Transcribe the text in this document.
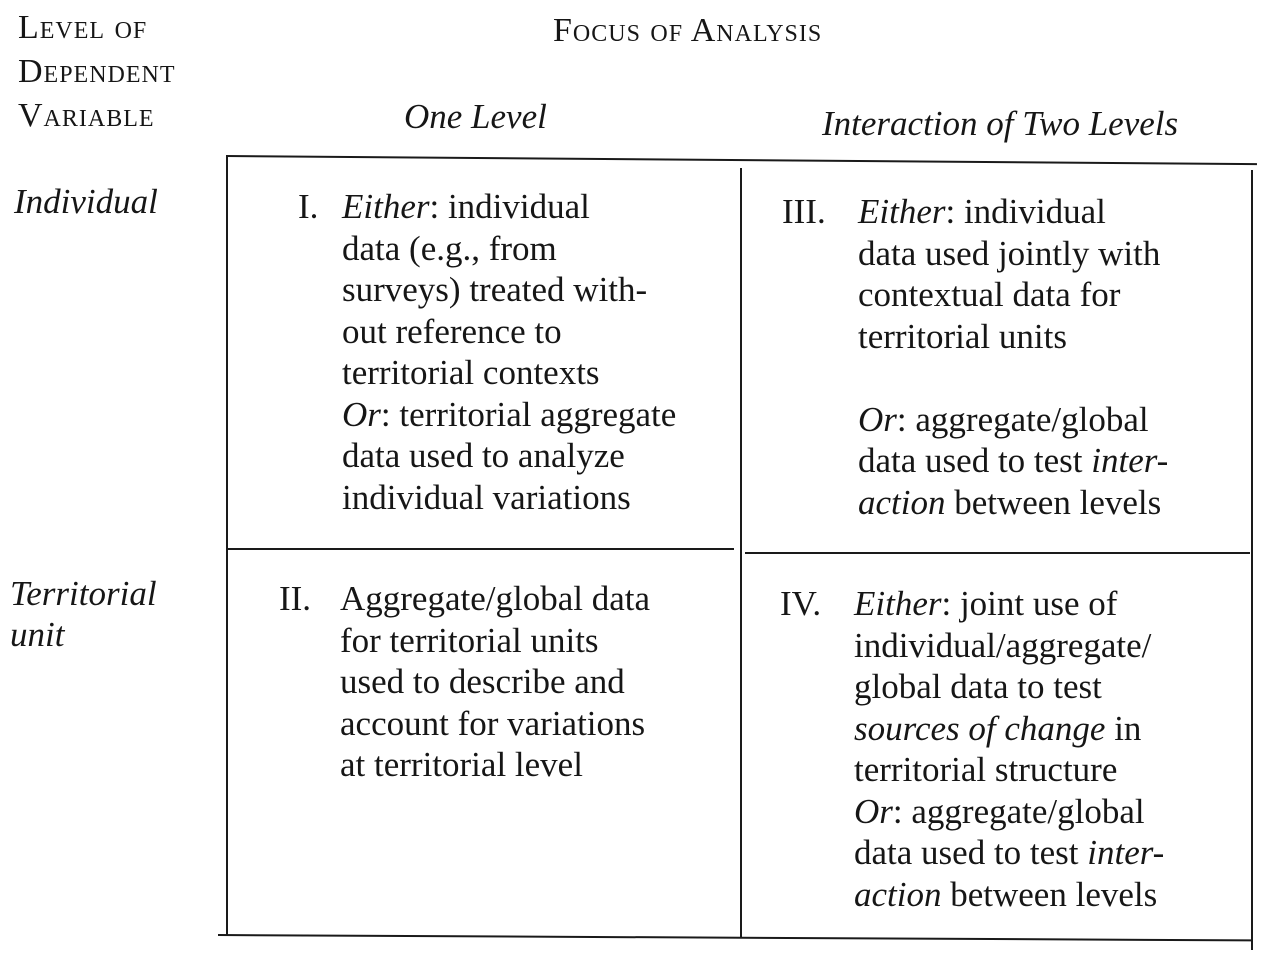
Level of
Dependent
Variable
Focus of Analysis
One Level	Interaction of Two Levels
Individual
Territorial
unit
I. Either: individual
data (e.g., from
surveys) treated with-
out reference to
territorial contexts
Or: territorial aggregate
data used to analyze
individual variations
III. Either: individual
data used jointly with
contextual data for
territorial units
Or: aggregate/global
data used to test inter-
action between levels
II. Aggregate/global data
for territorial units
used to describe and
account for variations
at territorial level
IV. Either: joint use of
individual/aggregate/
global data to test
sources of change in
territorial structure
Or: aggregate/global
data used to test inter-
action between levels
